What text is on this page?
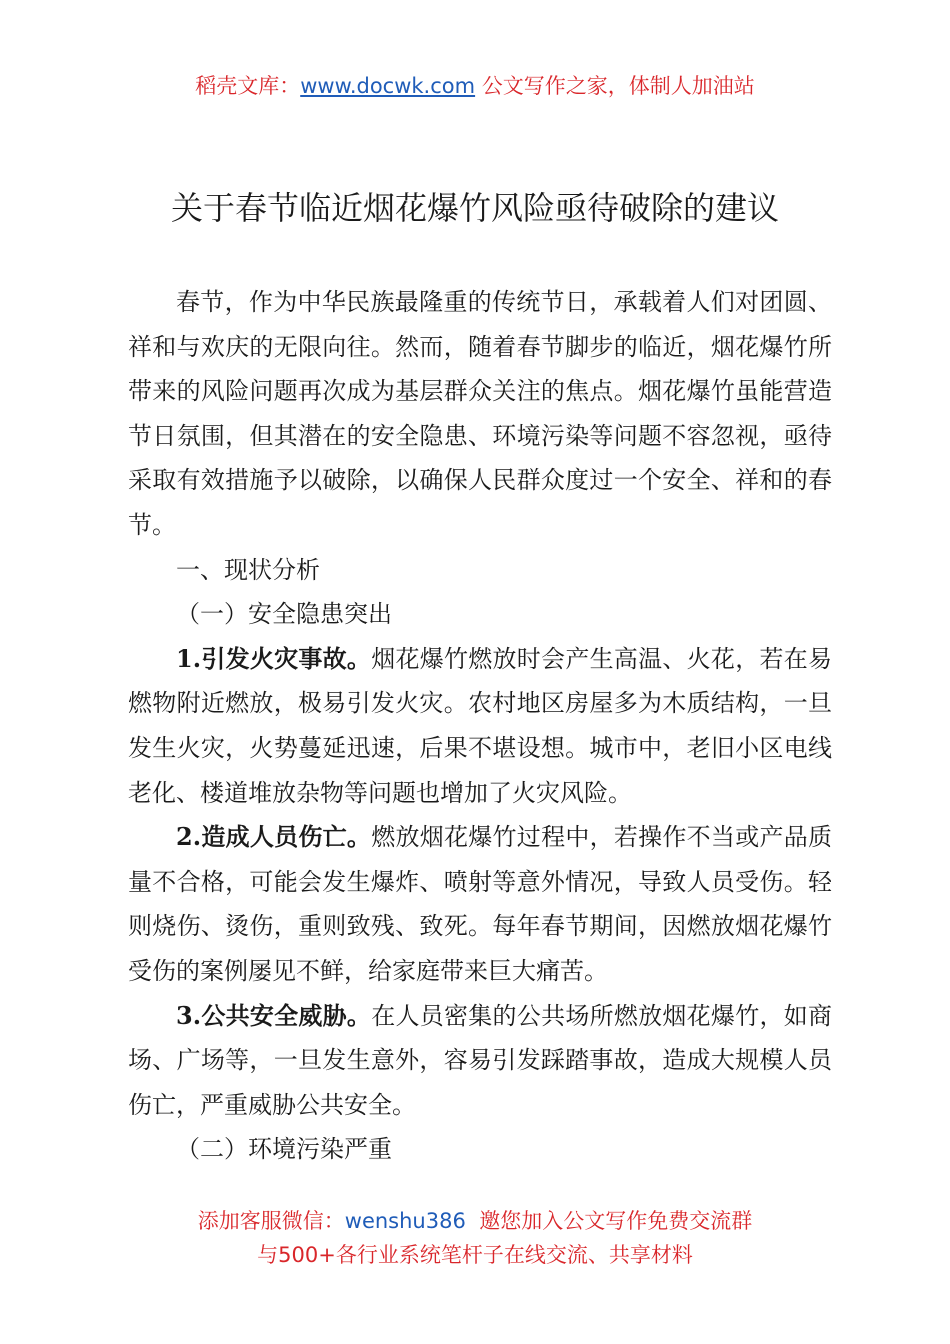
稻壳文库：www.docwk.com 公文写作之家，体制人加油站
关于春节临近烟花爆竹风险亟待破除的建议

春节，作为中华民族最隆重的传统节日，承载着人们对团圆、祥和与欢庆的无限向往。然而，随着春节脚步的临近，烟花爆竹所带来的风险问题再次成为基层群众关注的焦点。烟花爆竹虽能营造节日氛围，但其潜在的安全隐患、环境污染等问题不容忽视，亟待采取有效措施予以破除，以确保人民群众度过一个安全、祥和的春节。

一、现状分析

（一）安全隐患突出

1.引发火灾事故。烟花爆竹燃放时会产生高温、火花，若在易燃物附近燃放，极易引发火灾。农村地区房屋多为木质结构，一旦发生火灾，火势蔓延迅速，后果不堪设想。城市中，老旧小区电线老化、楼道堆放杂物等问题也增加了火灾风险。

2.造成人员伤亡。燃放烟花爆竹过程中，若操作不当或产品质量不合格，可能会发生爆炸、喷射等意外情况，导致人员受伤。轻则烧伤、烫伤，重则致残、致死。每年春节期间，因燃放烟花爆竹受伤的案例屡见不鲜，给家庭带来巨大痛苦。

3.公共安全威胁。在人员密集的公共场所燃放烟花爆竹，如商场、广场等，一旦发生意外，容易引发踩踏事故，造成大规模人员伤亡，严重威胁公共安全。

（二）环境污染严重

添加客服微信：wenshu386  邀您加入公文写作免费交流群
与500+各行业系统笔杆子在线交流、共享材料
